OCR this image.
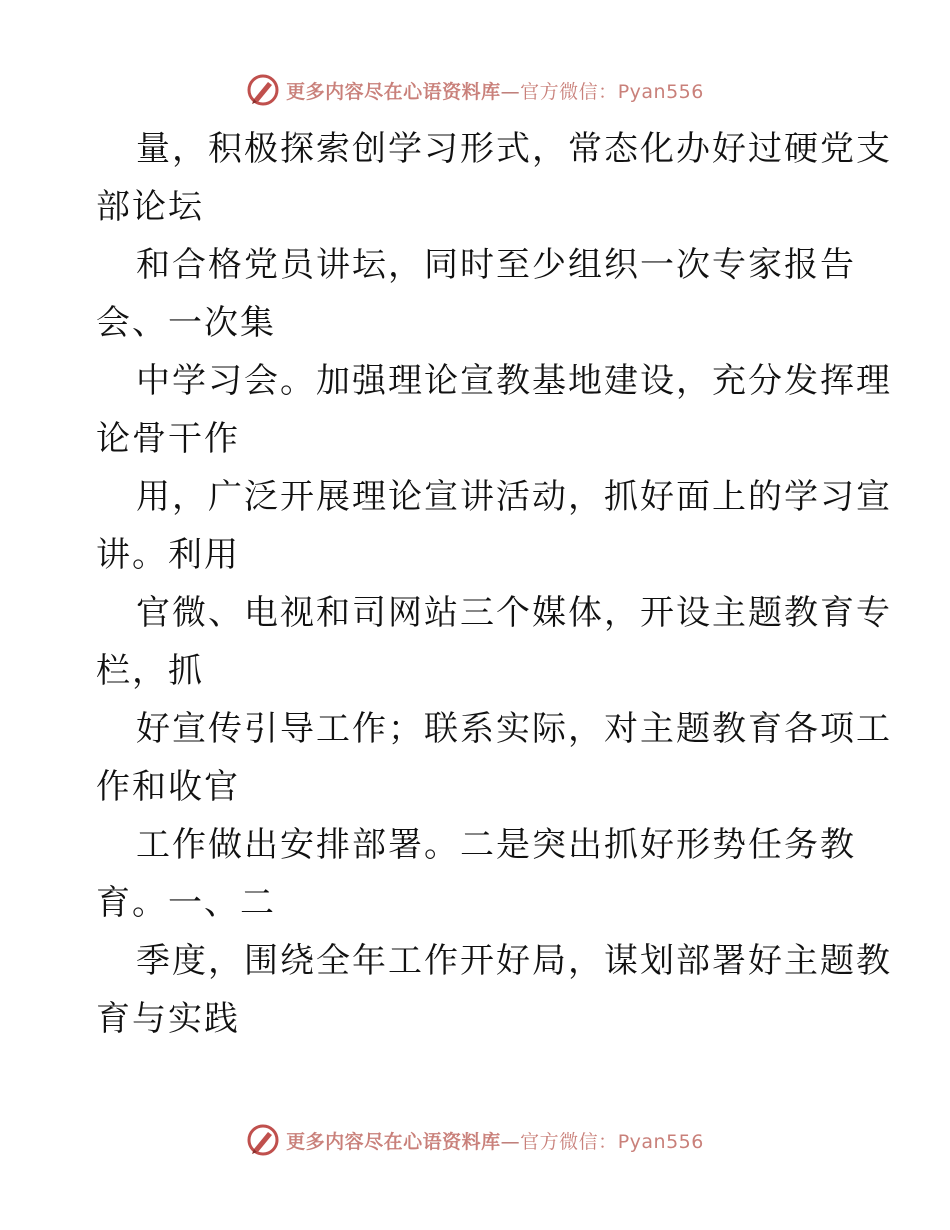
更多内容尽在心语资料库—官方微信：Pyan556
量，积极探索创学习形式，常态化办好过硬党支
部论坛
和合格党员讲坛，同时至少组织一次专家报告
会、一次集
中学习会。加强理论宣教基地建设，充分发挥理
论骨干作
用，广泛开展理论宣讲活动，抓好面上的学习宣
讲。利用
官微、电视和司网站三个媒体，开设主题教育专
栏，抓
好宣传引导工作；联系实际，对主题教育各项工
作和收官
工作做出安排部署。二是突出抓好形势任务教
育。一、二
季度，围绕全年工作开好局，谋划部署好主题教
育与实践
更多内容尽在心语资料库—官方微信：Pyan556
